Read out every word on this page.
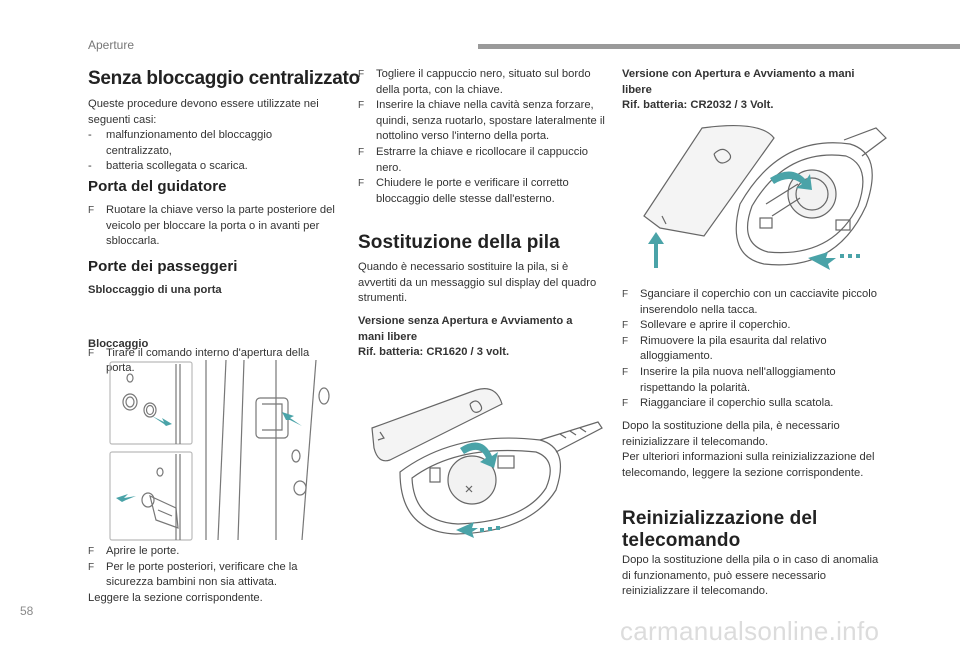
Aperture
Senza bloccaggio centralizzato

Queste procedure devono essere utilizzate nei seguenti casi:

- malfunzionamento del bloccaggio centralizzato,
- batteria scollegata o scarica.
Porta del guidatore
F Ruotare la chiave verso la parte posteriore del veicolo per bloccare la porta o in avanti per sbloccarla.
Porte dei passeggeri
Sbloccaggio di una porta
F Tirare il comando interno d'apertura della porta.
Bloccaggio
F Aprire le porte.
F Per le porte posteriori, verificare che la sicurezza bambini non sia attivata.
Leggere la sezione corrispondente.
F Togliere il cappuccio nero, situato sul bordo della porta, con la chiave.
F Inserire la chiave nella cavità senza forzare, quindi, senza ruotarlo, spostare lateralmente il nottolino verso l'interno della porta.
F Estrarre la chiave e ricollocare il cappuccio nero.
F Chiudere le porte e verificare il corretto bloccaggio delle stesse dall'esterno.
Sostituzione della pila
Quando è necessario sostituire la pila, si è avvertiti da un messaggio sul display del quadro strumenti.
Versione senza Apertura e Avviamento a mani libere
Rif. batteria: CR1620 / 3 volt.
Versione con Apertura e Avviamento a mani libere
Rif. batteria: CR2032 / 3 Volt.
F Sganciare il coperchio con un cacciavite piccolo inserendolo nella tacca.
F Sollevare e aprire il coperchio.
F Rimuovere la pila esaurita dal relativo alloggiamento.
F Inserire la pila nuova nell'alloggiamento rispettando la polarità.
F Riagganciare il coperchio sulla scatola.
Dopo la sostituzione della pila, è necessario reinizializzare il telecomando.
Per ulteriori informazioni sulla reinizializzazione del telecomando, leggere la sezione corrispondente.
Reinizializzazione del telecomando
Dopo la sostituzione della pila o in caso di anomalia di funzionamento, può essere necessario reinizializzare il telecomando.
58
carmanualsonline.info
